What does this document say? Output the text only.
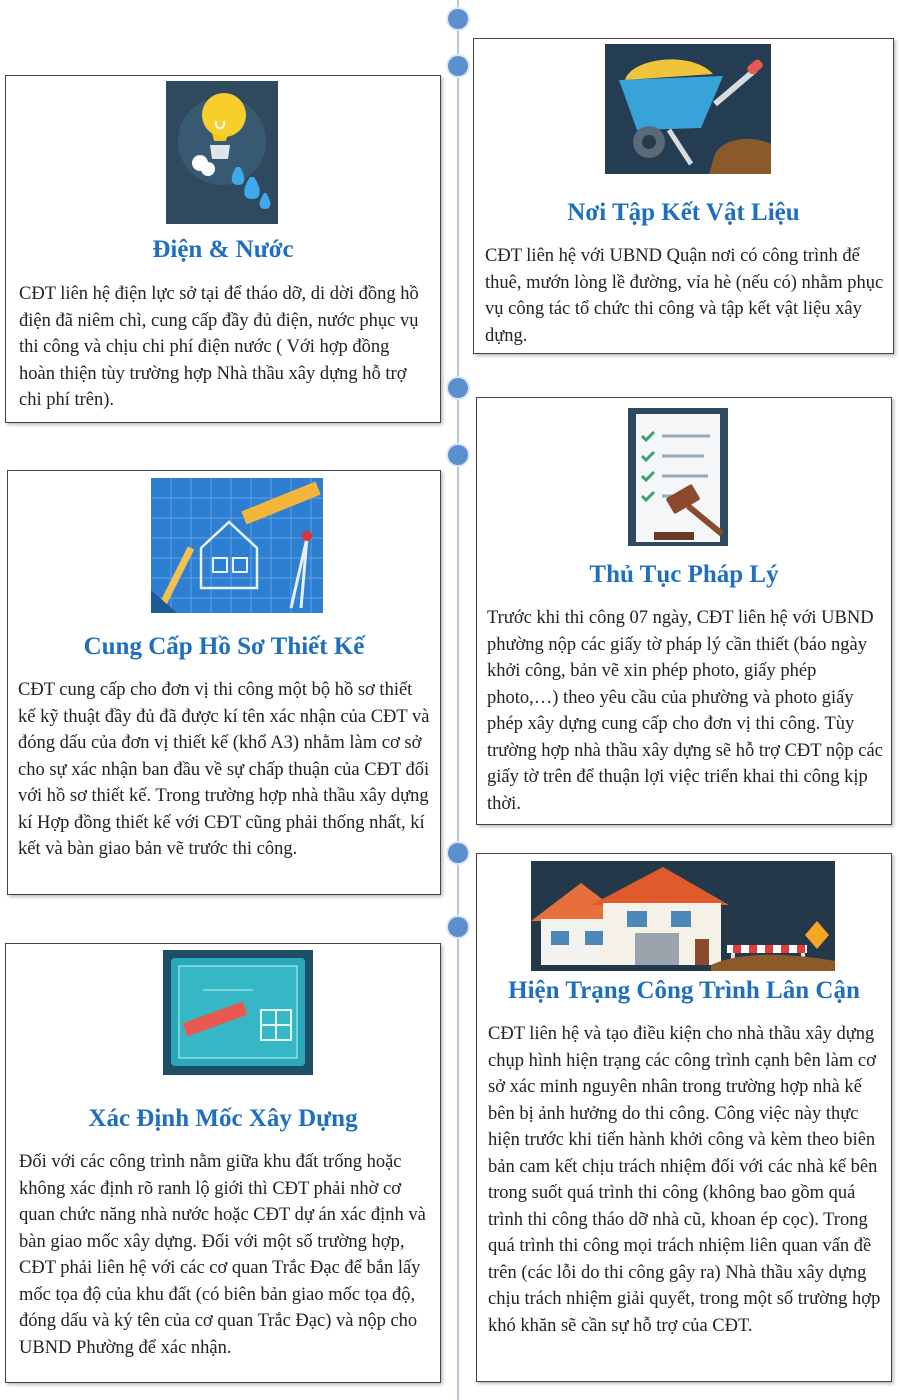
Điện & Nước

CĐT liên hệ điện lực sở tại để tháo dỡ, di dời đồng hồ điện đã niêm chì, cung cấp đầy đủ điện, nước phục vụ thi công và chịu chi phí điện nước ( Với hợp đồng hoàn thiện tùy trường hợp Nhà thầu xây dựng hỗ trợ chi phí trên).

Nơi Tập Kết Vật Liệu

CĐT liên hệ với UBND Quận nơi có công trình để thuê, mướn lòng lề đường, vỉa hè (nếu có) nhằm phục vụ công tác tổ chức thi công và tập kết vật liệu xây dựng.

Thủ Tục Pháp Lý

Trước khi thi công 07 ngày, CĐT liên hệ với UBND phường nộp các giấy tờ pháp lý cần thiết (báo ngày khởi công, bản vẽ xin phép photo, giấy phép photo,…) theo yêu cầu của phường và photo giấy phép xây dựng cung cấp cho đơn vị thi công. Tùy trường hợp nhà thầu xây dựng sẽ hỗ trợ CĐT nộp các giấy tờ trên để thuận lợi việc triển khai thi công kịp thời.

Cung Cấp Hồ Sơ Thiết Kế

CĐT cung cấp cho đơn vị thi công một bộ hồ sơ thiết kế kỹ thuật đầy đủ đã được kí tên xác nhận của CĐT và đóng dấu của đơn vị thiết kế (khổ A3) nhằm làm cơ sở cho sự xác nhận ban đầu về sự chấp thuận của CĐT đối với hồ sơ thiết kế. Trong trường hợp nhà thầu xây dựng kí Hợp đồng thiết kế với CĐT cũng phải thống nhất, kí kết và bàn giao bản vẽ trước thi công.

Hiện Trạng Công Trình Lân Cận

CĐT liên hệ và tạo điều kiện cho nhà thầu xây dựng chụp hình hiện trạng các công trình cạnh bên làm cơ sở xác minh nguyên nhân trong trường hợp nhà kế bên bị ảnh hưởng do thi công. Công việc này thực hiện trước khi tiến hành khởi công và kèm theo biên bản cam kết chịu trách nhiệm đối với các nhà kế bên trong suốt quá trình thi công (không bao gồm quá trình thi công tháo dỡ nhà cũ, khoan ép cọc). Trong quá trình thi công mọi trách nhiệm liên quan vấn đề trên (các lỗi do thi công gây ra) Nhà thầu xây dựng chịu trách nhiệm giải quyết, trong một số trường hợp khó khăn sẽ cần sự hỗ trợ của CĐT.

Xác Định Mốc Xây Dựng

Đối với các công trình nằm giữa khu đất trống hoặc không xác định rõ ranh lộ giới thì CĐT phải nhờ cơ quan chức năng nhà nước hoặc CĐT dự án xác định và bàn giao mốc xây dựng. Đối với một số trường hợp, CĐT phải liên hệ với các cơ quan Trắc Đạc để bắn lấy mốc tọa độ của khu đất (có biên bản giao mốc tọa độ, đóng dấu và ký tên của cơ quan Trắc Đạc) và nộp cho UBND Phường để xác nhận.
